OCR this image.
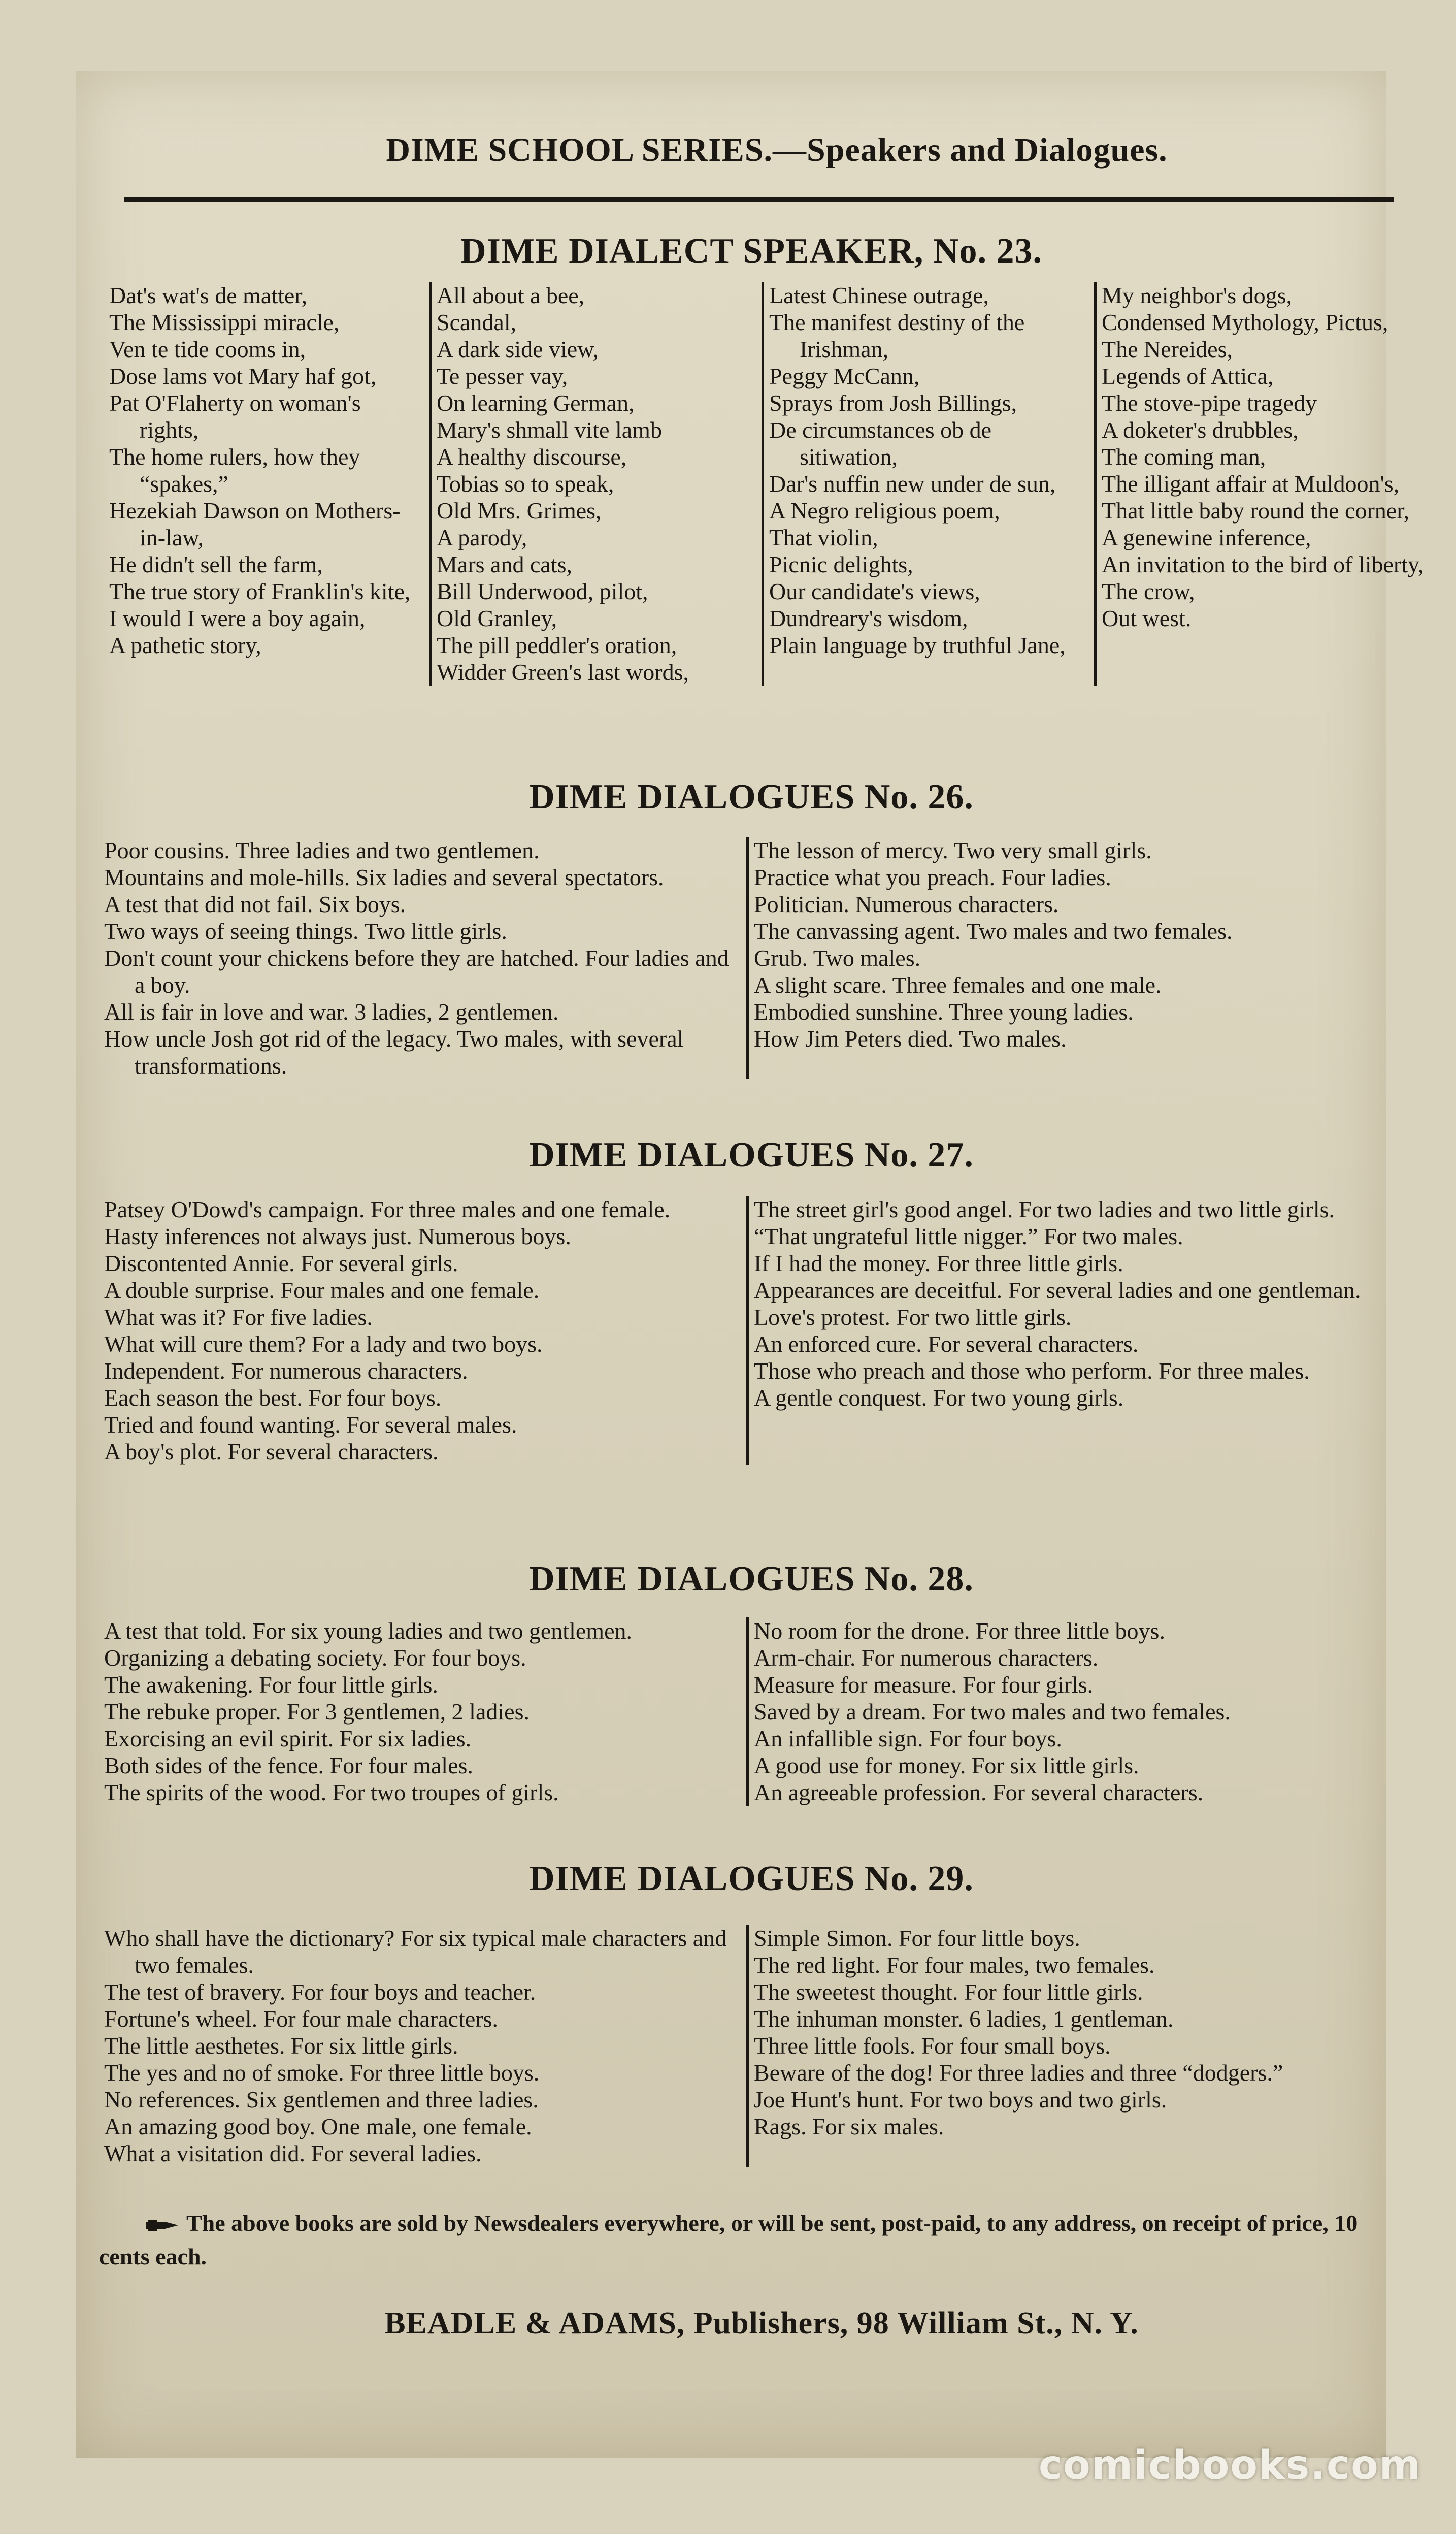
DIME SCHOOL SERIES.—Speakers and Dialogues.
DIME DIALECT SPEAKER, No. 23.
Dat's wat's de matter,
The Mississippi miracle,
Ven te tide cooms in,
Dose lams vot Mary haf got,
Pat O'Flaherty on woman's rights,
The home rulers, how they “spakes,”
Hezekiah Dawson on Mothers-in-law,
He didn't sell the farm,
The true story of Franklin's kite,
I would I were a boy again,
A pathetic story,
All about a bee,
Scandal,
A dark side view,
Te pesser vay,
On learning German,
Mary's shmall vite lamb
A healthy discourse,
Tobias so to speak,
Old Mrs. Grimes,
A parody,
Mars and cats,
Bill Underwood, pilot,
Old Granley,
The pill peddler's oration,
Widder Green's last words,
Latest Chinese outrage,
The manifest destiny of the Irishman,
Peggy McCann,
Sprays from Josh Billings,
De circumstances ob de sitiwation,
Dar's nuffin new under de sun,
A Negro religious poem,
That violin,
Picnic delights,
Our candidate's views,
Dundreary's wisdom,
Plain language by truthful Jane,
My neighbor's dogs,
Condensed Mythology, Pictus,
The Nereides,
Legends of Attica,
The stove-pipe tragedy
A doketer's drubbles,
The coming man,
The illigant affair at Muldoon's,
That little baby round the corner,
A genewine inference,
An invitation to the bird of liberty,
The crow,
Out west.
DIME DIALOGUES No. 26.
Poor cousins. Three ladies and two gentlemen.
Mountains and mole-hills. Six ladies and several spectators.
A test that did not fail. Six boys.
Two ways of seeing things. Two little girls.
Don't count your chickens before they are hatched. Four ladies and a boy.
All is fair in love and war. 3 ladies, 2 gentlemen.
How uncle Josh got rid of the legacy. Two males, with several transformations.
The lesson of mercy. Two very small girls.
Practice what you preach. Four ladies.
Politician. Numerous characters.
The canvassing agent. Two males and two females.
Grub. Two males.
A slight scare. Three females and one male.
Embodied sunshine. Three young ladies.
How Jim Peters died. Two males.
DIME DIALOGUES No. 27.
Patsey O'Dowd's campaign. For three males and one female.
Hasty inferences not always just. Numerous boys.
Discontented Annie. For several girls.
A double surprise. Four males and one female.
What was it? For five ladies.
What will cure them? For a lady and two boys.
Independent. For numerous characters.
Each season the best. For four boys.
Tried and found wanting. For several males.
A boy's plot. For several characters.
The street girl's good angel. For two ladies and two little girls.
“That ungrateful little nigger.” For two males.
If I had the money. For three little girls.
Appearances are deceitful. For several ladies and one gentleman.
Love's protest. For two little girls.
An enforced cure. For several characters.
Those who preach and those who perform. For three males.
A gentle conquest. For two young girls.
DIME DIALOGUES No. 28.
A test that told. For six young ladies and two gentlemen.
Organizing a debating society. For four boys.
The awakening. For four little girls.
The rebuke proper. For 3 gentlemen, 2 ladies.
Exorcising an evil spirit. For six ladies.
Both sides of the fence. For four males.
The spirits of the wood. For two troupes of girls.
No room for the drone. For three little boys.
Arm-chair. For numerous characters.
Measure for measure. For four girls.
Saved by a dream. For two males and two females.
An infallible sign. For four boys.
A good use for money. For six little girls.
An agreeable profession. For several characters.
DIME DIALOGUES No. 29.
Who shall have the dictionary? For six typical male characters and two females.
The test of bravery. For four boys and teacher.
Fortune's wheel. For four male characters.
The little aesthetes. For six little girls.
The yes and no of smoke. For three little boys.
No references. Six gentlemen and three ladies.
An amazing good boy. One male, one female.
What a visitation did. For several ladies.
Simple Simon. For four little boys.
The red light. For four males, two females.
The sweetest thought. For four little girls.
The inhuman monster. 6 ladies, 1 gentleman.
Three little fools. For four small boys.
Beware of the dog! For three ladies and three “dodgers.”
Joe Hunt's hunt. For two boys and two girls.
Rags. For six males.
The above books are sold by Newsdealers everywhere, or will be sent, post-paid, to any address, on receipt of price, 10 cents each.
BEADLE & ADAMS, Publishers, 98 William St., N. Y.
comicbooks.com
